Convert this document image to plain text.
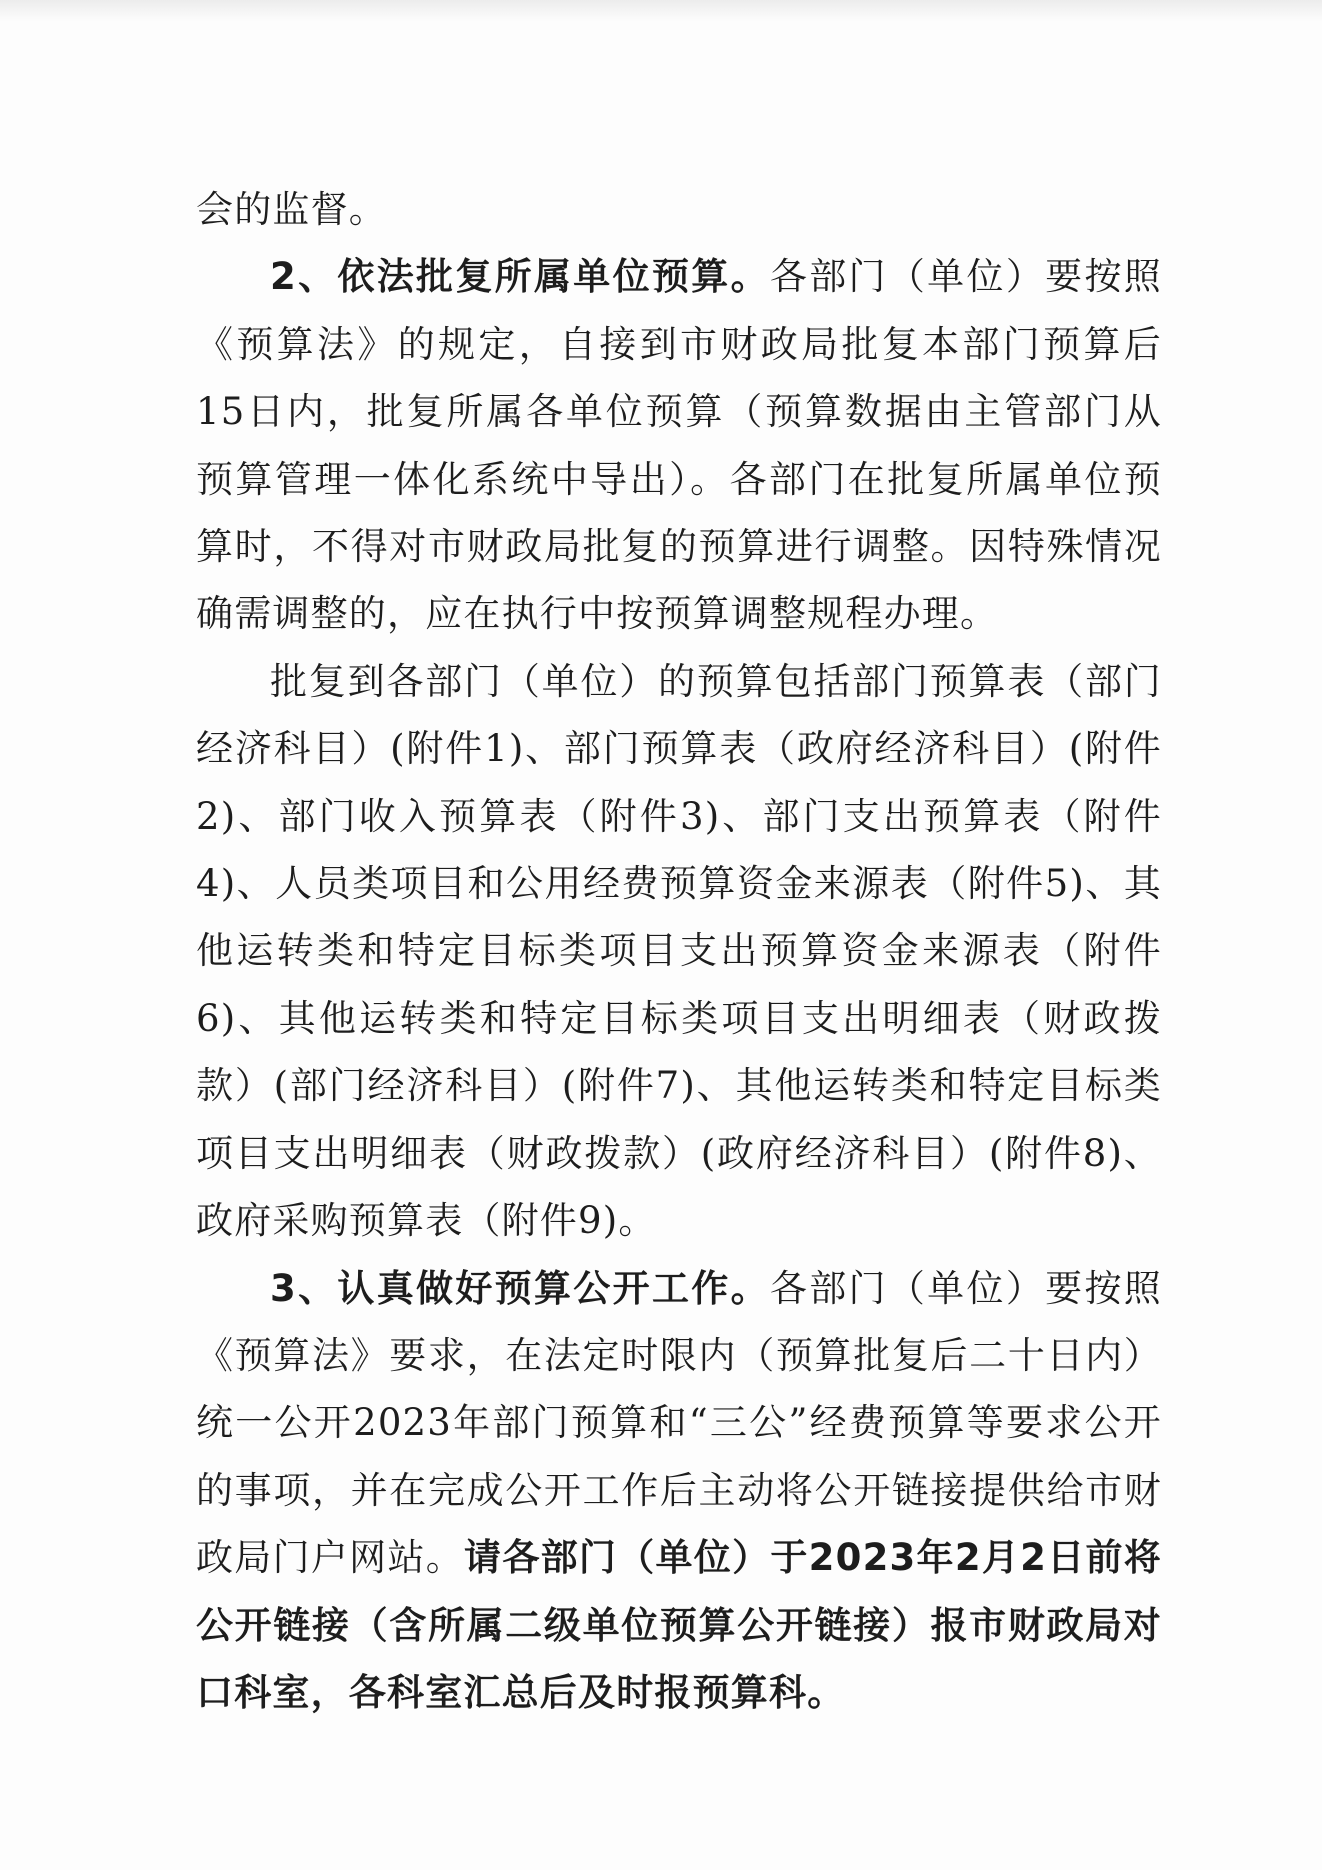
会的监督。

2、依法批复所属单位预算。各部门（单位）要按照《预算法》的规定，自接到市财政局批复本部门预算后15日内，批复所属各单位预算（预算数据由主管部门从预算管理一体化系统中导出）。各部门在批复所属单位预算时，不得对市财政局批复的预算进行调整。因特殊情况确需调整的，应在执行中按预算调整规程办理。

批复到各部门（单位）的预算包括部门预算表（部门经济科目）(附件1)、部门预算表（政府经济科目）(附件2)、部门收入预算表（附件3)、部门支出预算表（附件4)、人员类项目和公用经费预算资金来源表（附件5)、其他运转类和特定目标类项目支出预算资金来源表（附件6)、其他运转类和特定目标类项目支出明细表（财政拨款）(部门经济科目）(附件7)、其他运转类和特定目标类项目支出明细表（财政拨款）(政府经济科目）(附件8)、政府采购预算表（附件9)。

3、认真做好预算公开工作。各部门（单位）要按照《预算法》要求，在法定时限内（预算批复后二十日内）统一公开2023年部门预算和“三公”经费预算等要求公开的事项，并在完成公开工作后主动将公开链接提供给市财政局门户网站。请各部门（单位）于2023年2月2日前将公开链接（含所属二级单位预算公开链接）报市财政局对口科室，各科室汇总后及时报预算科。
